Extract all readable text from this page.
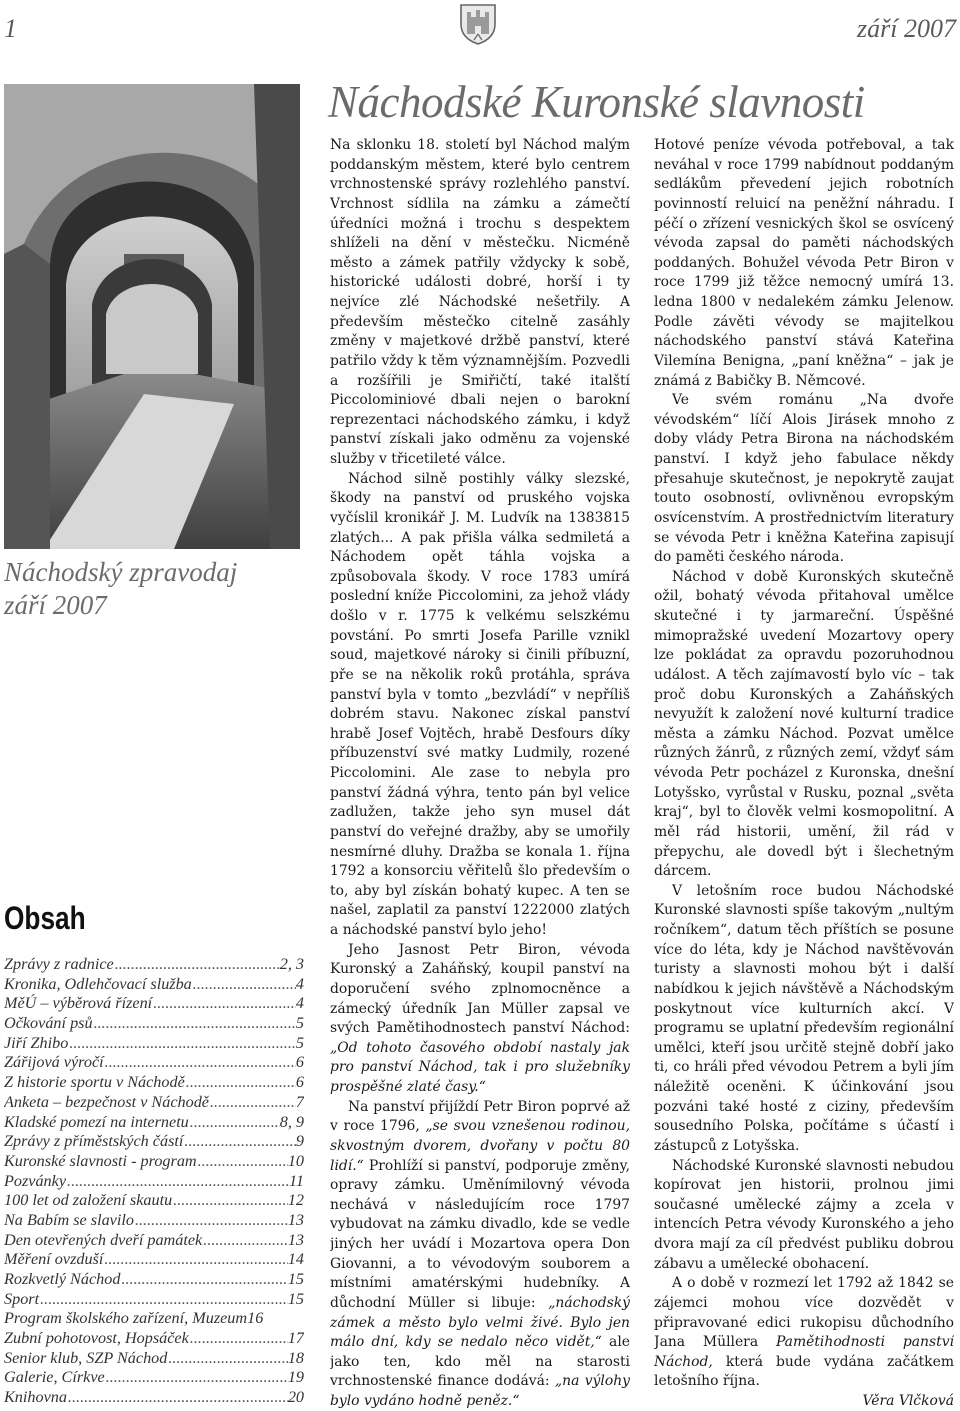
1	září 2007
Náchodský zpravodaj
září 2007
Obsah
Zprávy z radnice .....	2, 3
Kronika, Odlehčovací služba .....	4
MěÚ – výběrová řízení .....	4
Očkování psů .....	5
Jiří Zhibo .....	5
Zářijová výročí .....	6
Z historie sportu v Náchodě .....	6
Anketa – bezpečnost v Náchodě .....	7
Kladské pomezí na internetu .....	8, 9
Zprávy z příměstských částí .....	9
Kuronské slavnosti - program .....	10
Pozvánky .....	11
100 let od založení skautu .....	12
Na Babím se slavilo .....	13
Den otevřených dveří památek .....	13
Měření ovzduší .....	14
Rozkvetlý Náchod .....	15
Sport .....	15
Program školského zařízení, Muzeum 16
Zubní pohotovost, Hopsáček .....	17
Senior klub, SZP Náchod .....	18
Galerie, Církve .....	19
Knihovna .....	20
Náchodské Kuronské slavnosti

Na sklonku 18. století byl Náchod malým poddanským městem, které bylo centrem vrchnostenské správy rozlehlého panství. Vrchnost sídlila na zámku a zámečtí úředníci možná i trochu s despektem shlíželi na dění v městečku. Nicméně město a zámek patřily vždycky k sobě, historické události dobré, horší i ty nejvíce zlé Náchodské nešetřily. A především městečko citelně zasáhly změny v majetkové držbě panství, které patřilo vždy k těm významnějším. Pozvedli a rozšířili je Smiřičtí, také italští Piccolominiové dbali nejen o barokní reprezentaci náchodského zámku, i když panství získali jako odměnu za vojenské služby v třicetileté válce.

Náchod silně postihly války slezské, škody na panství od pruského vojska vyčíslil kronikář J. M. Ludvík na 1383815 zlatých... A pak přišla válka sedmiletá a Náchodem opět táhla vojska a způsobovala škody. V roce 1783 umírá poslední kníže Piccolomini, za jehož vlády došlo v r. 1775 k velkému selszkému povstání. Po smrti Josefa Parille vznikl soud, majetkové nároky si činili příbuzní, pře se na několik roků protáhla, správa panství byla v tomto „bezvládí“ v nepříliš dobrém stavu. Nakonec získal panství hrabě Josef Vojtěch, hrabě Desfours díky příbuzenství své matky Ludmily, rozené Piccolomini. Ale zase to nebyla pro panství žádná výhra, tento pán byl velice zadlužen, takže jeho syn musel dát panství do veřejné dražby, aby se umořily nesmírné dluhy. Dražba se konala 1. října 1792 a konsorciu věřitelů šlo především o to, aby byl získán bohatý kupec. A ten se našel, zaplatil za panství 1222000 zlatých a náchodské panství bylo jeho!

Jeho Jasnost Petr Biron, vévoda Kuronský a Zaháňský, koupil panství na doporučení svého zplnomocněnce a zámecký úředník Jan Müller zapsal ve svých Pamětihodnostech panství Náchod: „Od tohoto časového období nastaly jak pro panství Náchod, tak i pro služebníky prospěšné zlaté časy.“

Na panství přijíždí Petr Biron poprvé až v roce 1796, „se svou vznešenou rodinou, skvostným dvorem, dvořany v počtu 80 lidí.“ Prohlíží si panství, podporuje změny, opravy zámku. Uměnímilovný vévoda nechává v následujícím roce 1797 vybudovat na zámku divadlo, kde se vedle jiných her uvádí i Mozartova opera Don Giovanni, a to vévodovým souborem a místními amatérskými hudebníky. A důchodní Müller si libuje: „náchodský zámek a město bylo velmi živé. Bylo jen málo dní, kdy se nedalo něco vidět,“ ale jako ten, kdo měl na starosti vrchnostenské finance dodává: „na výlohy bylo vydáno hodně peněz.“

Hotové peníze vévoda potřeboval, a tak neváhal v roce 1799 nabídnout poddaným sedlákům převedení jejich robotních povinností reluicí na peněžní náhradu. I péčí o zřízení vesnických škol se osvícený vévoda zapsal do paměti náchodských poddaných. Bohužel vévoda Petr Biron v roce 1799 již těžce nemocný umírá 13. ledna 1800 v nedalekém zámku Jelenow. Podle závěti vévody se majitelkou náchodského panství stává Kateřina Vilemína Benigna, „paní kněžna“ – jak je známá z Babičky B. Němcové.

Ve svém románu „Na dvoře vévodském“ líčí Alois Jirásek mnoho z doby vlády Petra Birona na náchodském panství. I když jeho fabulace někdy přesahuje skutečnost, je nepokrytě zaujat touto osobností, ovlivněnou evropským osvícenstvím. A prostřednictvím literatury se vévoda Petr i kněžna Kateřina zapisují do paměti českého národa.

Náchod v době Kuronských skutečně ožil, bohatý vévoda přitahoval umělce skutečné i ty jarmareční. Úspěšné mimopražské uvedení Mozartovy opery lze pokládat za opravdu pozoruhodnou událost. A těch zajímavostí bylo víc – tak proč dobu Kuronských a Zaháňských nevyužít k založení nové kulturní tradice města a zámku Náchod. Pozvat umělce různých žánrů, z různých zemí, vždyť sám vévoda Petr pocházel z Kuronska, dnešní Lotyšsko, vyrůstal v Rusku, poznal „světa kraj“, byl to člověk velmi kosmopolitní. A měl rád historii, umění, žil rád v přepychu, ale dovedl být i šlechetným dárcem.

V letošním roce budou Náchodské Kuronské slavnosti spíše takovým „nultým ročníkem“, datum těch příštích se posune více do léta, kdy je Náchod navštěvován turisty a slavnosti mohou být i další nabídkou k jejich návštěvě a Náchodským poskytnout více kulturních akcí. V programu se uplatní především regionální umělci, kteří jsou určitě stejně dobří jako ti, co hráli před vévodou Petrem a byli jím náležitě oceněni. K účinkování jsou pozváni také hosté z ciziny, především sousedního Polska, počítáme s účastí i zástupců z Lotyšska.

Náchodské Kuronské slavnosti nebudou kopírovat jen historii, prolnou jimi současné umělecké zájmy a zcela v intencích Petra vévody Kuronského a jeho dvora mají za cíl předvést publiku dobrou zábavu a umělecké obohacení.

A o době v rozmezí let 1792 až 1842 se zájemci mohou více dozvědět v připravované edici rukopisu důchodního Jana Müllera Pamětihodnosti panství Náchod, která bude vydána začátkem letošního října.

Věra Vlčková
